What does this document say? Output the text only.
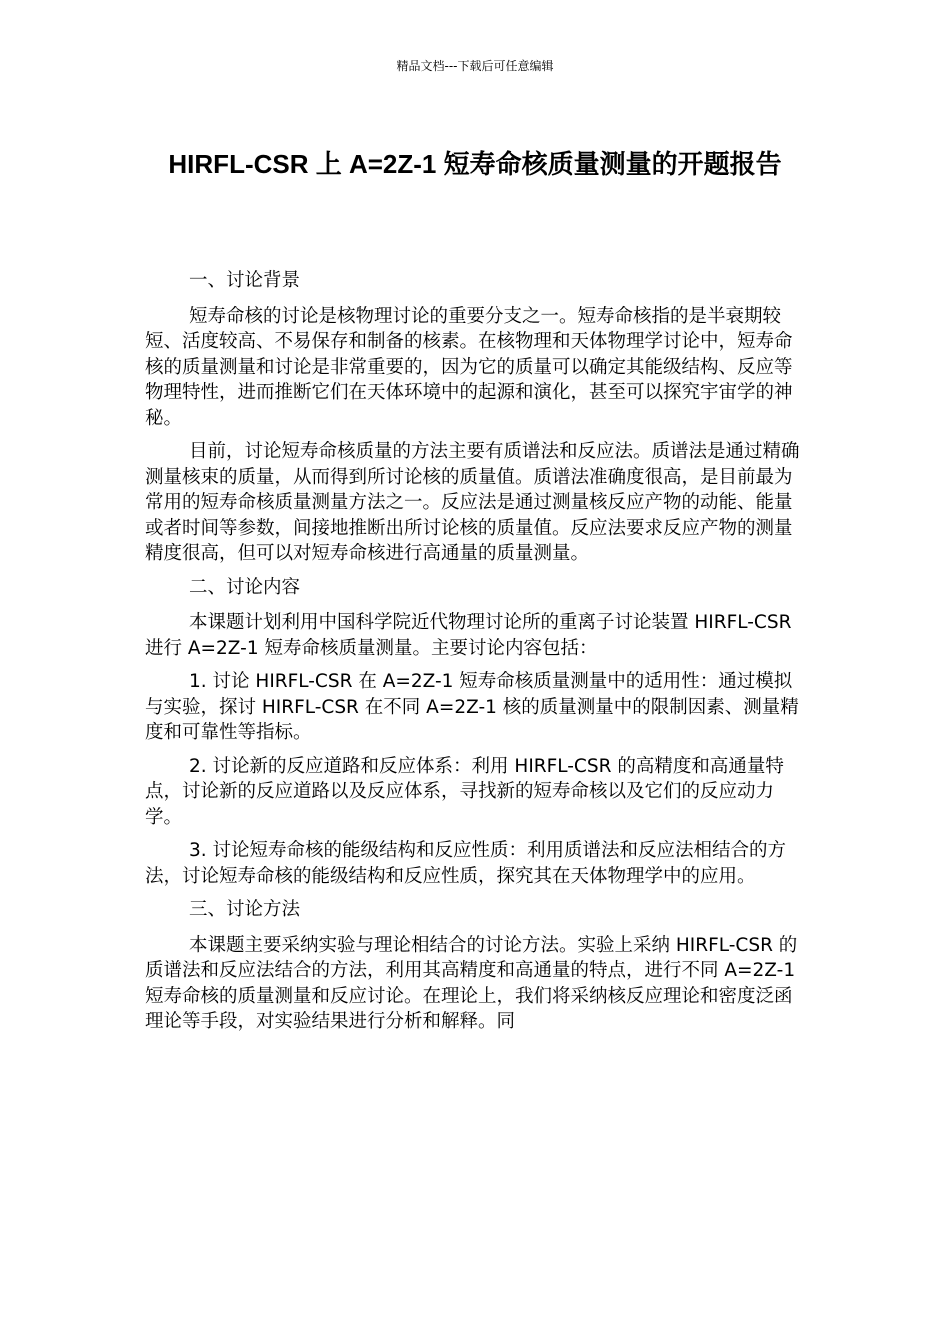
精品文档---下载后可任意编辑
HIRFL-CSR 上 A=2Z-1 短寿命核质量测量的开题报告

一、讨论背景

短寿命核的讨论是核物理讨论的重要分支之一。短寿命核指的是半衰期较短、活度较高、不易保存和制备的核素。在核物理和天体物理学讨论中，短寿命核的质量测量和讨论是非常重要的，因为它的质量可以确定其能级结构、反应等物理特性，进而推断它们在天体环境中的起源和演化，甚至可以探究宇宙学的神秘。

目前，讨论短寿命核质量的方法主要有质谱法和反应法。质谱法是通过精确测量核束的质量，从而得到所讨论核的质量值。质谱法准确度很高，是目前最为常用的短寿命核质量测量方法之一。反应法是通过测量核反应产物的动能、能量或者时间等参数，间接地推断出所讨论核的质量值。反应法要求反应产物的测量精度很高，但可以对短寿命核进行高通量的质量测量。

二、讨论内容

本课题计划利用中国科学院近代物理讨论所的重离子讨论装置 HIRFL-CSR 进行 A=2Z-1 短寿命核质量测量。主要讨论内容包括：

1. 讨论 HIRFL-CSR 在 A=2Z-1 短寿命核质量测量中的适用性：通过模拟与实验，探讨 HIRFL-CSR 在不同 A=2Z-1 核的质量测量中的限制因素、测量精度和可靠性等指标。

2. 讨论新的反应道路和反应体系：利用 HIRFL-CSR 的高精度和高通量特点，讨论新的反应道路以及反应体系，寻找新的短寿命核以及它们的反应动力学。

3. 讨论短寿命核的能级结构和反应性质：利用质谱法和反应法相结合的方法，讨论短寿命核的能级结构和反应性质，探究其在天体物理学中的应用。

三、讨论方法

本课题主要采纳实验与理论相结合的讨论方法。实验上采纳 HIRFL-CSR 的质谱法和反应法结合的方法，利用其高精度和高通量的特点，进行不同 A=2Z-1 短寿命核的质量测量和反应讨论。在理论上，我们将采纳核反应理论和密度泛函理论等手段，对实验结果进行分析和解释。同
